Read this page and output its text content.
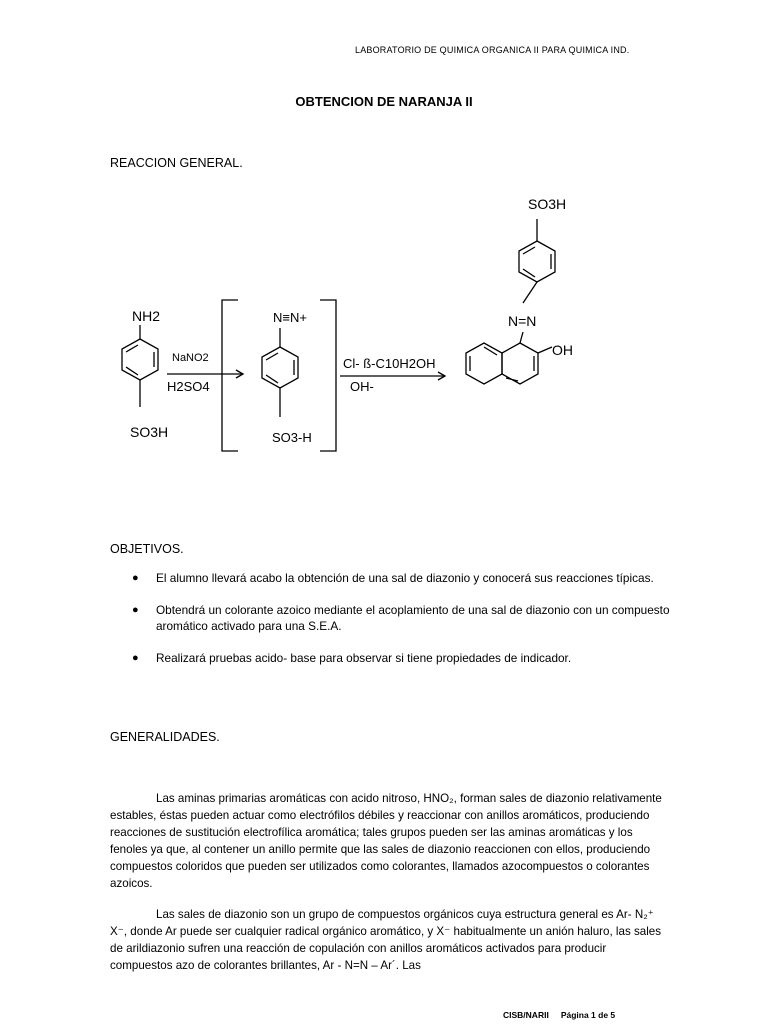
LABORATORIO DE QUIMICA ORGANICA II PARA QUIMICA IND.
OBTENCION DE NARANJA II
REACCION GENERAL.
NH2
SO3H
NaNO2
H2SO4
N≡N+
SO3-H
Cl- ß-C10H2OH
OH-
SO3H
N=N
OH
OBJETIVOS.
● El alumno llevará acabo la obtención de una sal de diazonio y conocerá sus reacciones típicas.
● Obtendrá un colorante azoico mediante el acoplamiento de una sal de diazonio con un compuesto aromático activado para una S.E.A.
● Realizará pruebas acido- base para observar si tiene propiedades de indicador.
GENERALIDADES.
Las aminas primarias aromáticas con acido nitroso, HNO₂, forman sales de diazonio relativamente estables, éstas pueden actuar como electrófilos débiles y reaccionar con anillos aromáticos, produciendo reacciones de sustitución electrofílica aromática; tales grupos pueden ser las aminas aromáticas y los fenoles ya que, al contener un anillo permite que las sales de diazonio reaccionen con ellos, produciendo compuestos coloridos que pueden ser utilizados como colorantes, llamados azocompuestos o colorantes azoicos.
Las sales de diazonio son un grupo de compuestos orgánicos cuya estructura general es Ar- N₂⁺ X⁻, donde Ar puede ser cualquier radical orgánico aromático, y X⁻ habitualmente un anión haluro, las sales de arildiazonio sufren una reacción de copulación con anillos aromáticos activados para producir compuestos azo de colorantes brillantes, Ar - N=N – Ar´. Las
CISB/NARII Página 1 de 5
